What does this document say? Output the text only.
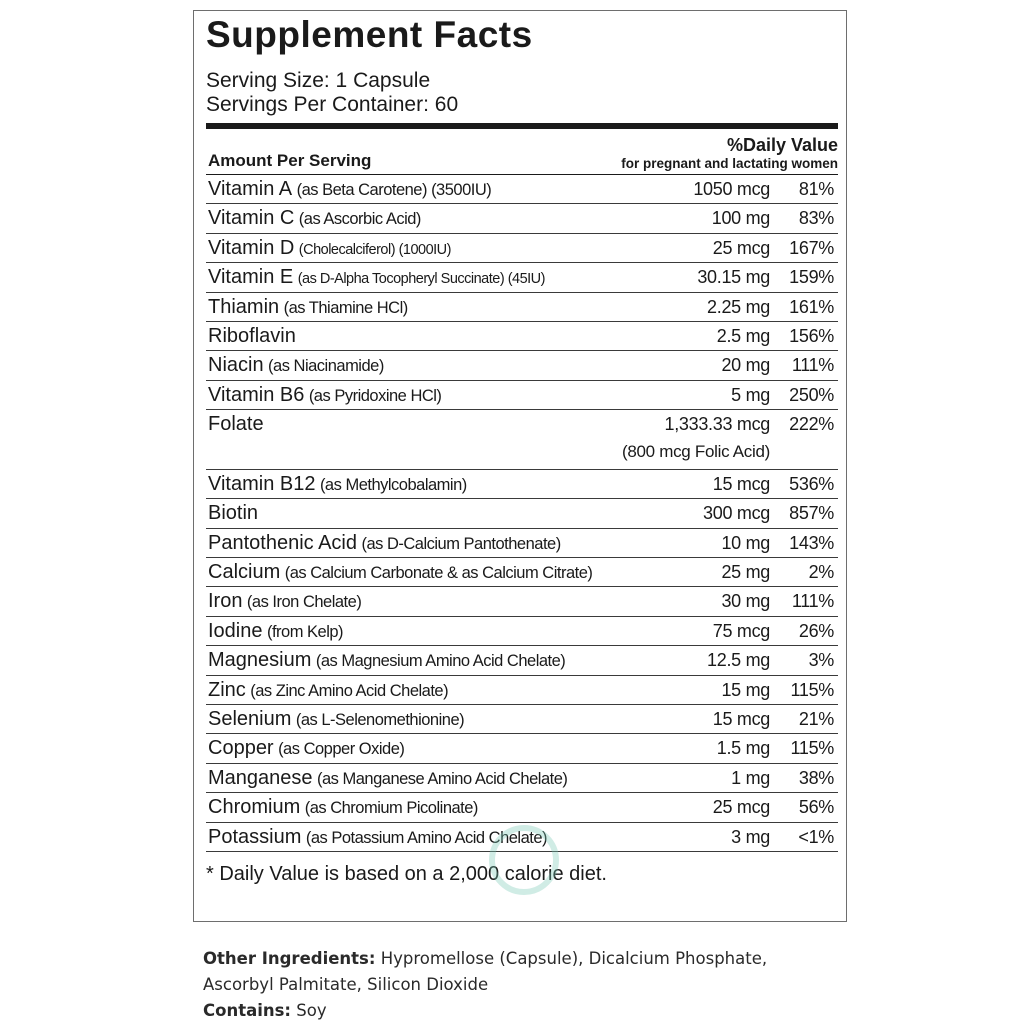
Supplement Facts
Serving Size: 1 Capsule
Servings Per Container: 60
%Daily Value
for pregnant and lactating women
Amount Per Serving
Vitamin A (as Beta Carotene) (3500IU)	1050 mcg 81%
Vitamin C (as Ascorbic Acid)	100 mg 83%
Vitamin D (Cholecalciferol) (1000IU)	25 mcg 167%
Vitamin E (as D-Alpha Tocopheryl Succinate) (45IU)	30.15 mg 159%
Thiamin (as Thiamine HCl)	2.25 mg 161%
Riboflavin	2.5 mg 156%
Niacin (as Niacinamide)	20 mg 111%
Vitamin B6 (as Pyridoxine HCl)	5 mg 250%
Folate	1,333.33 mcg 222%
(800 mcg Folic Acid)
Vitamin B12 (as Methylcobalamin)	15 mcg 536%
Biotin	300 mcg 857%
Pantothenic Acid (as D-Calcium Pantothenate)	10 mg 143%
Calcium (as Calcium Carbonate & as Calcium Citrate)	25 mg 2%
Iron (as Iron Chelate)	30 mg 111%
Iodine (from Kelp)	75 mcg 26%
Magnesium (as Magnesium Amino Acid Chelate)	12.5 mg 3%
Zinc (as Zinc Amino Acid Chelate)	15 mg 115%
Selenium (as L-Selenomethionine)	15 mcg 21%
Copper (as Copper Oxide)	1.5 mg 115%
Manganese (as Manganese Amino Acid Chelate)	1 mg 38%
Chromium (as Chromium Picolinate)	25 mcg 56%
Potassium (as Potassium Amino Acid Chelate)	3 mg <1%
* Daily Value is based on a 2,000 calorie diet.
Other Ingredients: Hypromellose (Capsule), Dicalcium Phosphate, Ascorbyl Palmitate, Silicon Dioxide
Contains: Soy
